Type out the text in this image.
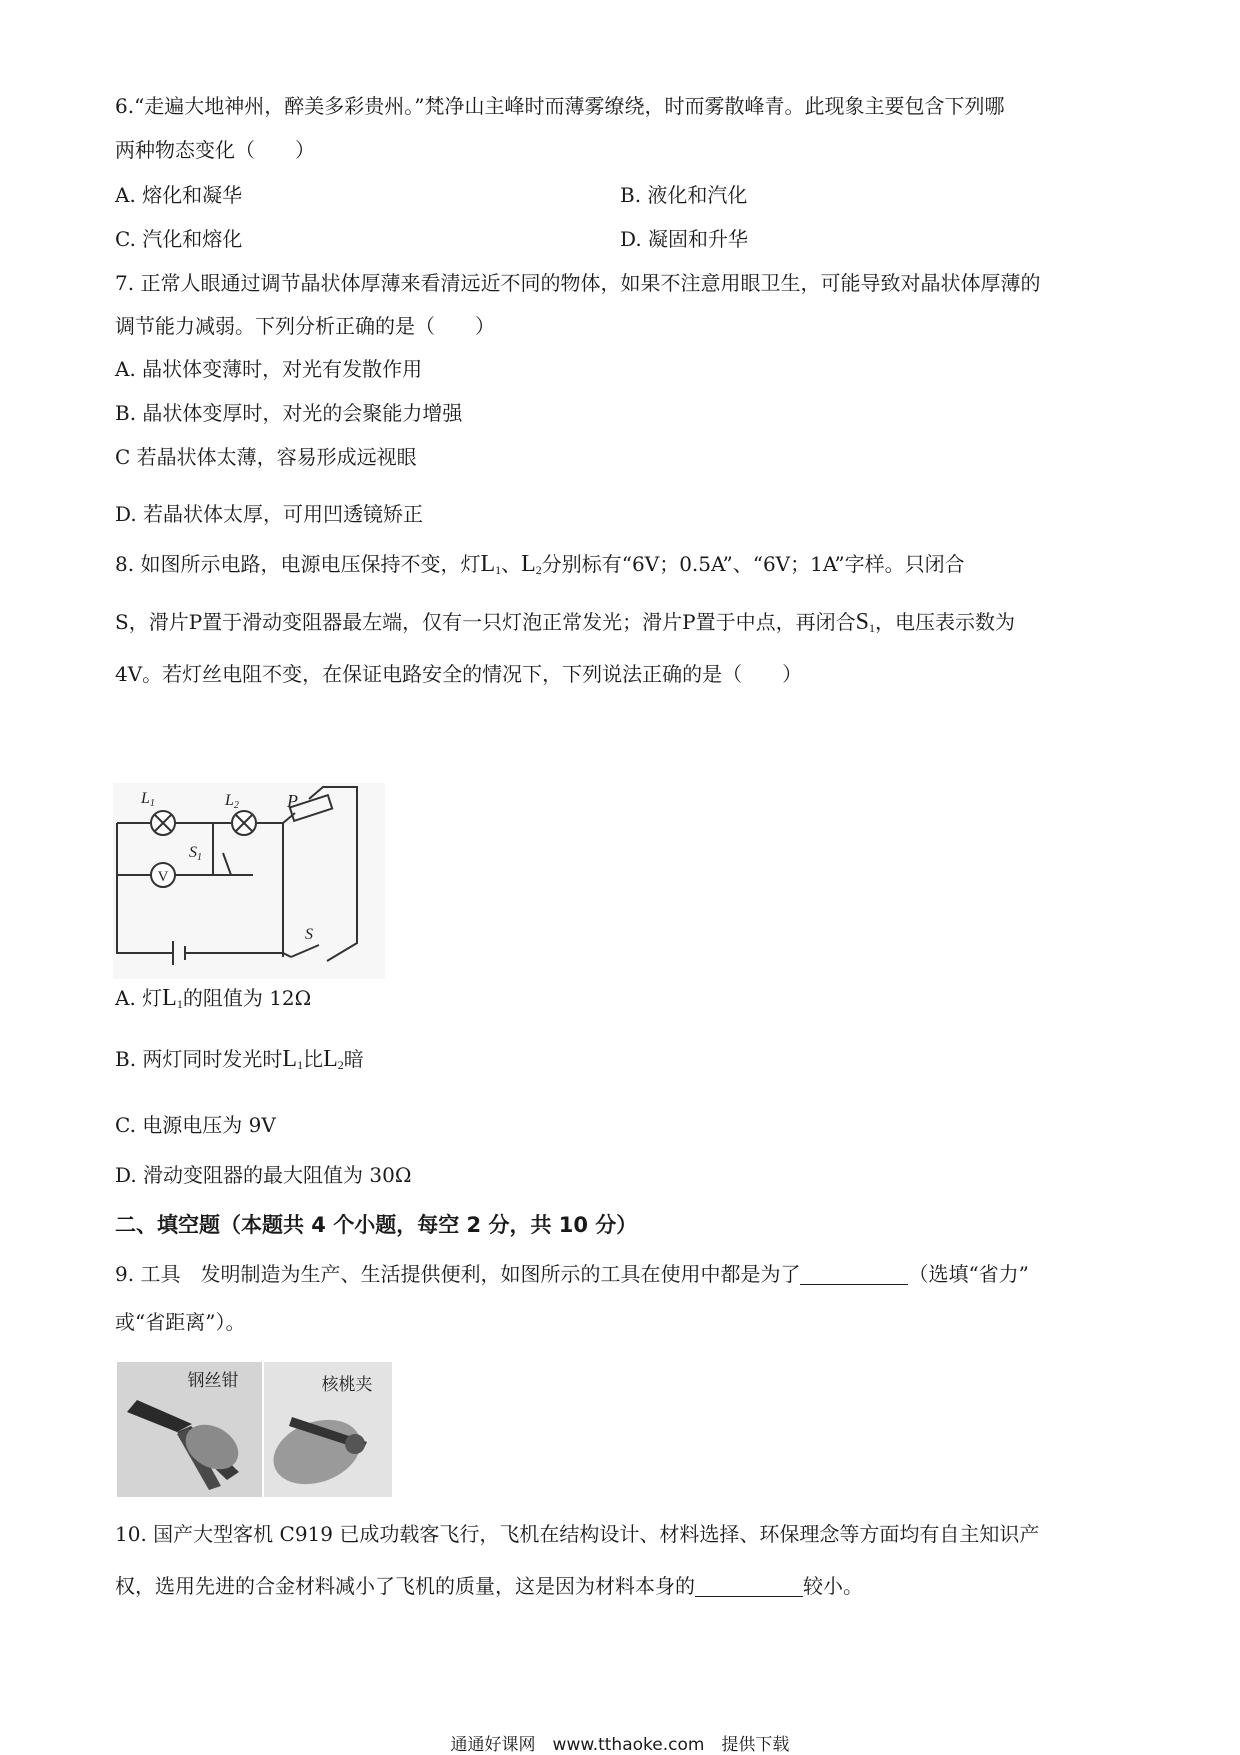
6.“走遍大地神州，醉美多彩贵州。”梵净山主峰时而薄雾缭绕，时而雾散峰青。此现象主要包含下列哪
两种物态变化（　　）
A. 熔化和凝华	B. 液化和汽化
C. 汽化和熔化	D. 凝固和升华
7. 正常人眼通过调节晶状体厚薄来看清远近不同的物体，如果不注意用眼卫生，可能导致对晶状体厚薄的
调节能力减弱。下列分析正确的是（　　）
A. 晶状体变薄时，对光有发散作用
B. 晶状体变厚时，对光的会聚能力增强
C 若晶状体太薄，容易形成远视眼
D. 若晶状体太厚，可用凹透镜矫正
8. 如图所示电路，电源电压保持不变，灯$L_1$、$L_2$分别标有“6V；0.5A”、“6V；1A”字样。只闭合
S，滑片P置于滑动变阻器最左端，仅有一只灯泡正常发光；滑片P置于中点，再闭合$S_1$，电压表示数为
4V。若灯丝电阻不变，在保证电路安全的情况下，下列说法正确的是（　　）
V
L1	L2	P
S1
S
A. 灯$L_1$的阻值为 12Ω
B. 两灯同时发光时$L_1$比$L_2$暗
C. 电源电压为 9V
D. 滑动变阻器的最大阻值为 30Ω
二、填空题（本题共 4 个小题，每空 2 分，共 10 分）
9. 工具　发明制造为生产、生活提供便利，如图所示的工具在使用中都是为了	（选填“省力”
或“省距离”）。
钢丝钳	核桃夹
10. 国产大型客机 C919 已成功载客飞行，飞机在结构设计、材料选择、环保理念等方面均有自主知识产
权，选用先进的合金材料减小了飞机的质量，这是因为材料本身的	较小。
通通好课网　www.tthaoke.com　提供下载
